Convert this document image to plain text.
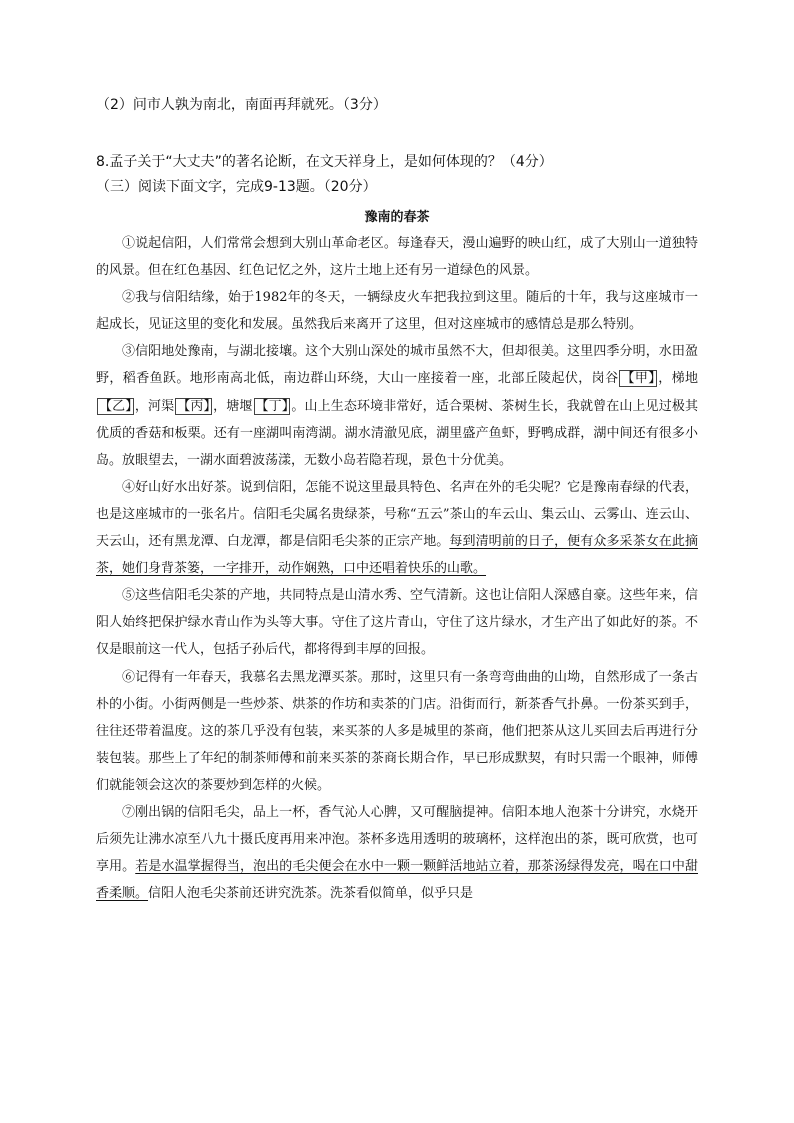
（2）问市人孰为南北，南面再拜就死。（3分）
8.孟子关于“大丈夫”的著名论断，在文天祥身上，是如何体现的？（4分）
（三）阅读下面文字，完成9-13题。（20分）
豫南的春茶

①说起信阳，人们常常会想到大别山革命老区。每逢春天，漫山遍野的映山红，成了大别山一道独特的风景。但在红色基因、红色记忆之外，这片土地上还有另一道绿色的风景。

②我与信阳结缘，始于1982年的冬天，一辆绿皮火车把我拉到这里。随后的十年，我与这座城市一起成长，见证这里的变化和发展。虽然我后来离开了这里，但对这座城市的感情总是那么特别。

③信阳地处豫南，与湖北接壤。这个大别山深处的城市虽然不大，但却很美。这里四季分明，水田盈野，稻香鱼跃。地形南高北低，南边群山环绕，大山一座接着一座，北部丘陵起伏，岗谷 【甲】 ，梯地【乙】 ，河渠 【丙】 ，塘堰 【丁】 。山上生态环境非常好，适合栗树、茶树生长，我就曾在山上见过极其优质的香菇和板栗。还有一座湖叫南湾湖。湖水清澈见底，湖里盛产鱼虾，野鸭成群，湖中间还有很多小岛。放眼望去，一湖水面碧波荡漾，无数小岛若隐若现，景色十分优美。

④好山好水出好茶。说到信阳，怎能不说这里最具特色、名声在外的毛尖呢？它是豫南春绿的代表，也是这座城市的一张名片。信阳毛尖属名贵绿茶，号称“五云”茶山的车云山、集云山、云雾山、连云山、天云山，还有黑龙潭、白龙潭，都是信阳毛尖茶的正宗产地。每到清明前的日子，便有众多采茶女在此摘茶，她们身背茶篓，一字排开，动作娴熟，口中还唱着快乐的山歌。

⑤这些信阳毛尖茶的产地，共同特点是山清水秀、空气清新。这也让信阳人深感自豪。这些年来，信阳人始终把保护绿水青山作为头等大事。守住了这片青山，守住了这片绿水，才生产出了如此好的茶。不仅是眼前这一代人，包括子孙后代，都将得到丰厚的回报。

⑥记得有一年春天，我慕名去黑龙潭买茶。那时，这里只有一条弯弯曲曲的山坳，自然形成了一条古朴的小街。小街两侧是一些炒茶、烘茶的作坊和卖茶的门店。沿街而行，新茶香气扑鼻。一份茶买到手，往往还带着温度。这的茶几乎没有包装，来买茶的人多是城里的茶商，他们把茶从这儿买回去后再进行分装包装。那些上了年纪的制茶师傅和前来买茶的茶商长期合作，早已形成默契，有时只需一个眼神，师傅们就能领会这次的茶要炒到怎样的火候。

⑦刚出锅的信阳毛尖，品上一杯，香气沁人心脾，又可醒脑提神。信阳本地人泡茶十分讲究，水烧开后须先让沸水凉至八九十摄氏度再用来冲泡。茶杯多选用透明的玻璃杯，这样泡出的茶，既可欣赏，也可享用。若是水温掌握得当，泡出的毛尖便会在水中一颗一颗鲜活地站立着，那茶汤绿得发亮，喝在口中甜香柔顺。信阳人泡毛尖茶前还讲究洗茶。洗茶看似简单，似乎只是
